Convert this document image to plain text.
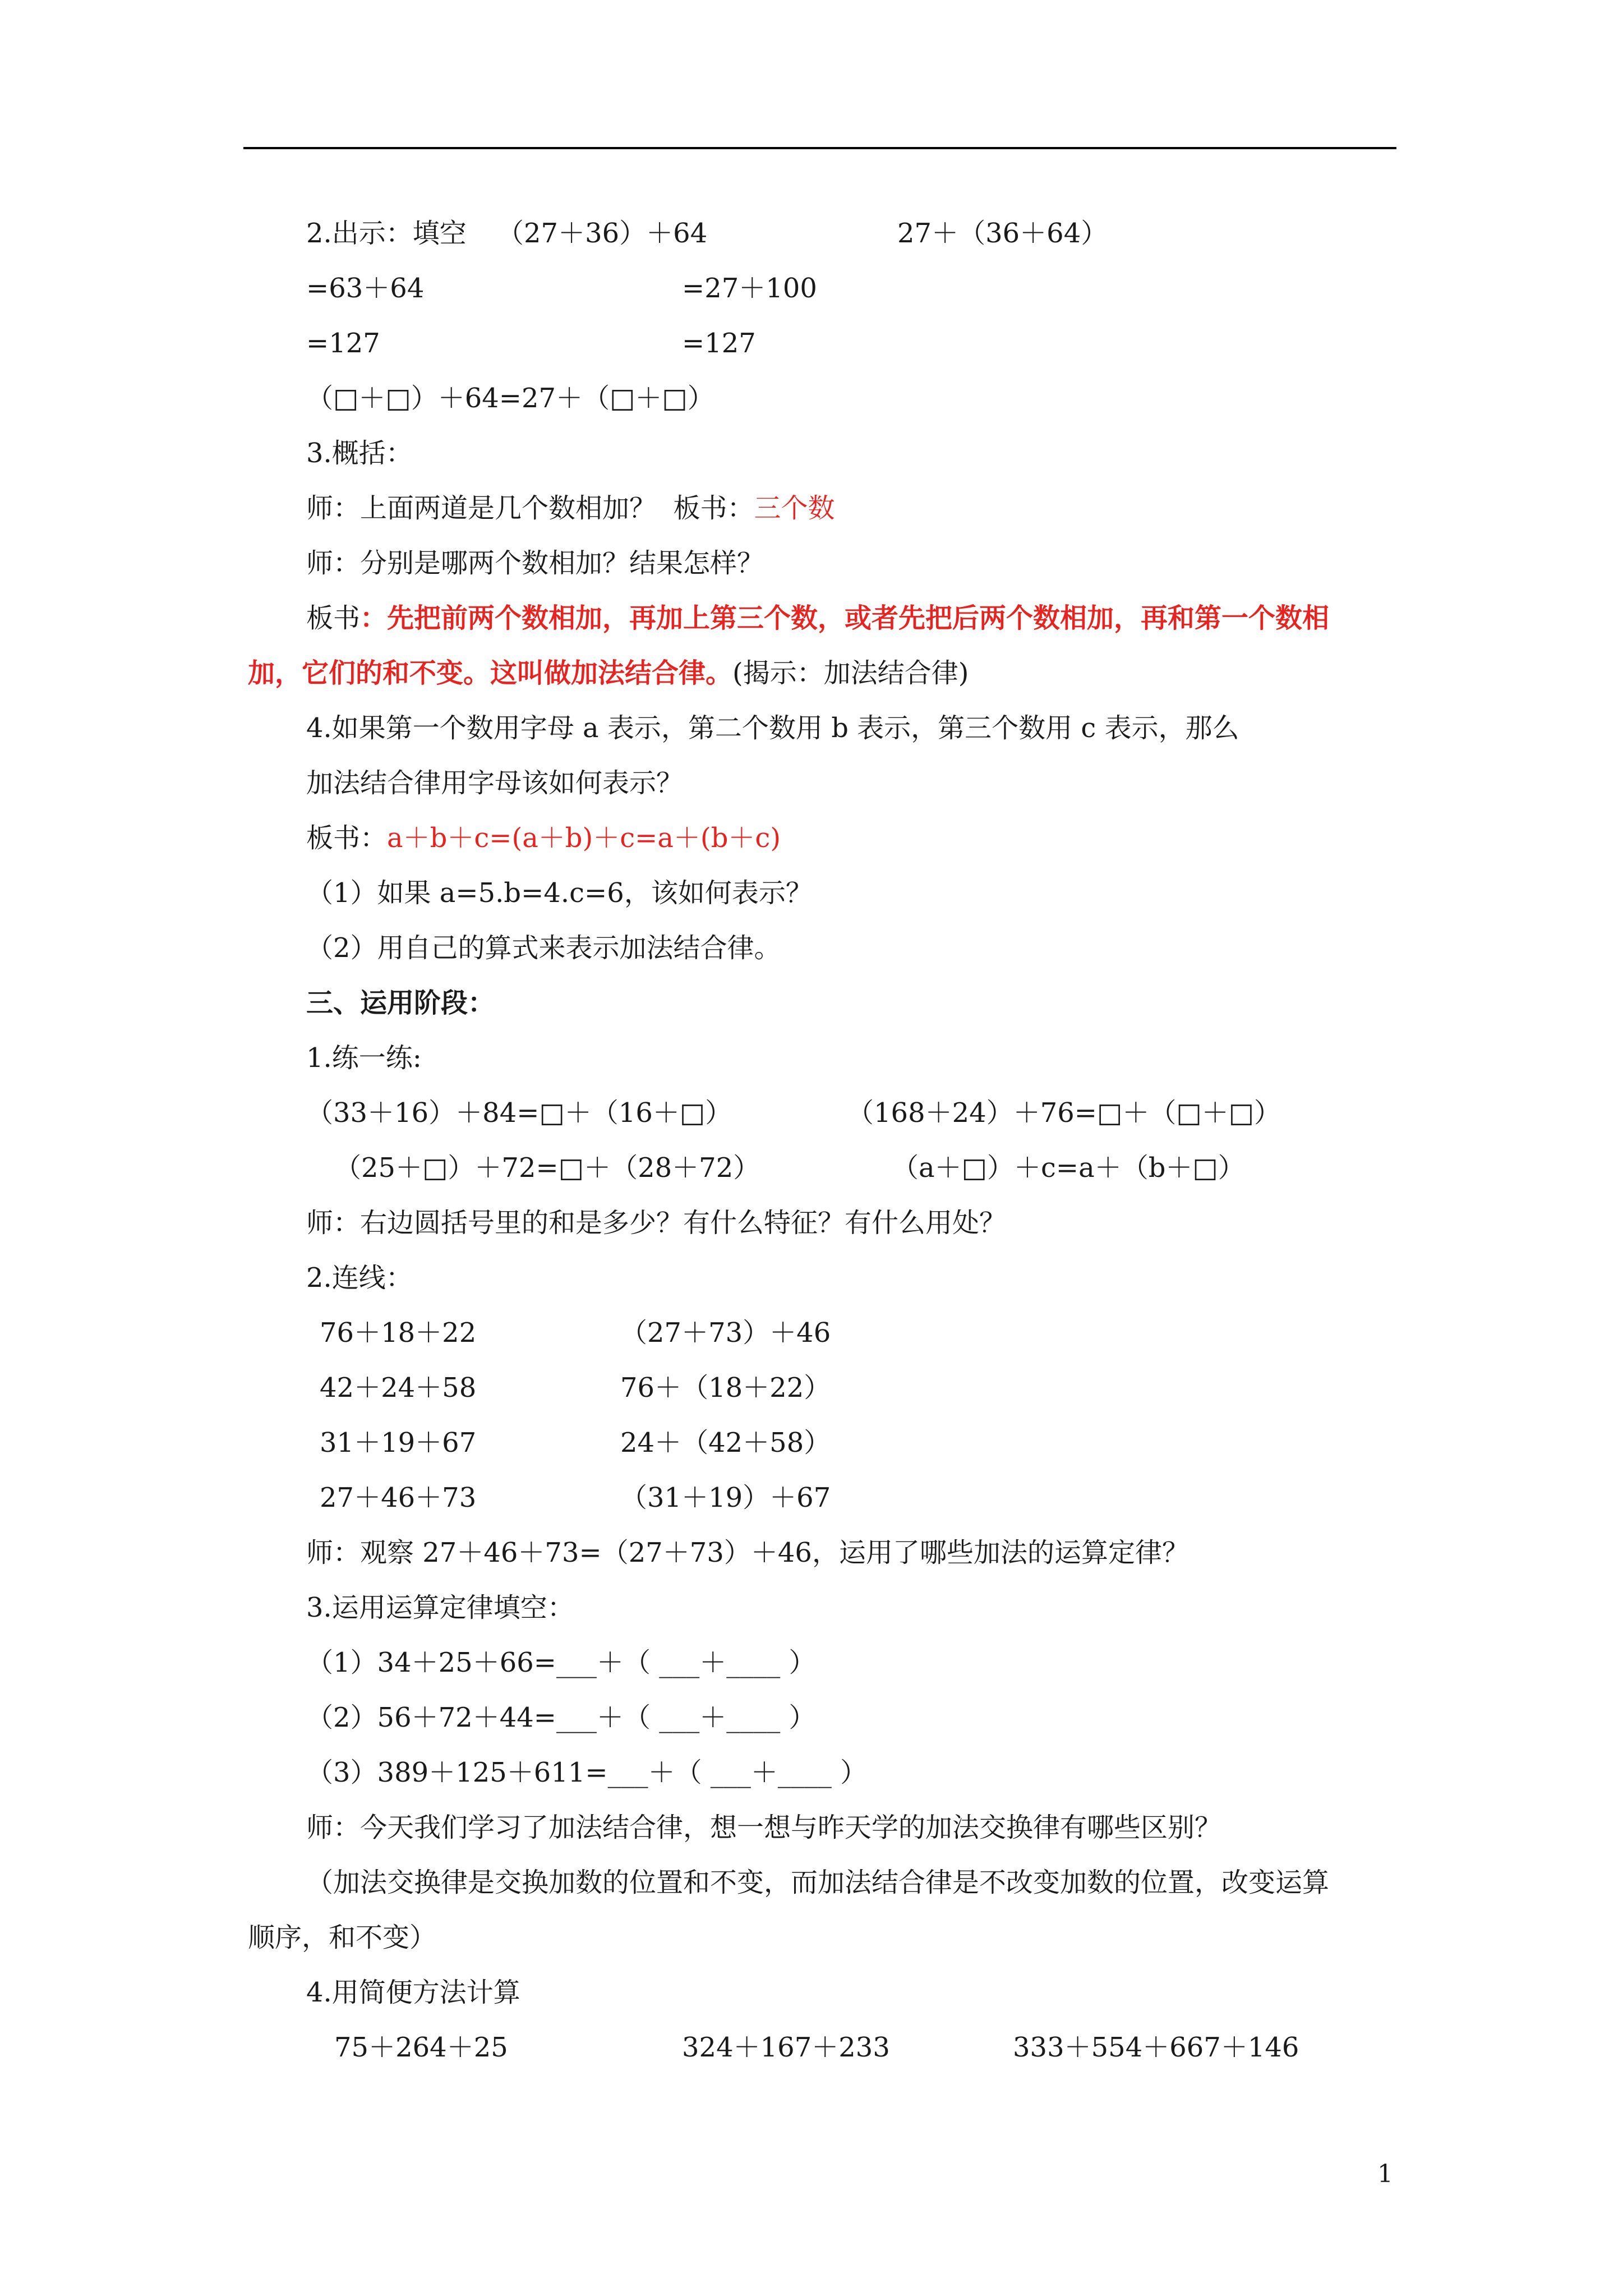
2.出示：填空 （27＋36）＋64	27＋（36＋64）
=63＋64	=27＋100
=127	=127
（□＋□）＋64=27＋（□＋□）
3.概括：
师：上面两道是几个数相加？ 板书：三个数
师：分别是哪两个数相加？结果怎样？
板书：先把前两个数相加，再加上第三个数，或者先把后两个数相加，再和第一个数相
加，它们的和不变。这叫做加法结合律。(揭示：加法结合律)
4.如果第一个数用字母 a 表示，第二个数用 b 表示，第三个数用 c 表示，那么
加法结合律用字母该如何表示？
板书：a＋b＋c=(a＋b)＋c=a＋(b＋c)
（1）如果 a=5.b=4.c=6，该如何表示？
（2）用自己的算式来表示加法结合律。
三、运用阶段：
1.练一练:
（33＋16）＋84=□＋（16＋□）	（168＋24）＋76=□＋（□＋□）
（25＋□）＋72=□＋（28＋72）	（a＋□）＋c=a＋（b＋□）
师：右边圆括号里的和是多少？有什么特征？有什么用处？
2.连线：
76＋18＋22	（27＋73）＋46
42＋24＋58	76＋（18＋22）
31＋19＋67	24＋（42＋58）
27＋46＋73	（31＋19）＋67
师：观察 27＋46＋73=（27＋73）＋46，运用了哪些加法的运算定律？
3.运用运算定律填空：
（1）34＋25＋66=___＋（ ___＋____ ）
（2）56＋72＋44=___＋（ ___＋____ ）
（3）389＋125＋611=___＋（ ___＋____ ）
师：今天我们学习了加法结合律，想一想与昨天学的加法交换律有哪些区别？
（加法交换律是交换加数的位置和不变，而加法结合律是不改变加数的位置，改变运算
顺序，和不变）
4.用简便方法计算
75＋264＋25	324＋167＋233	333＋554＋667＋146
1
